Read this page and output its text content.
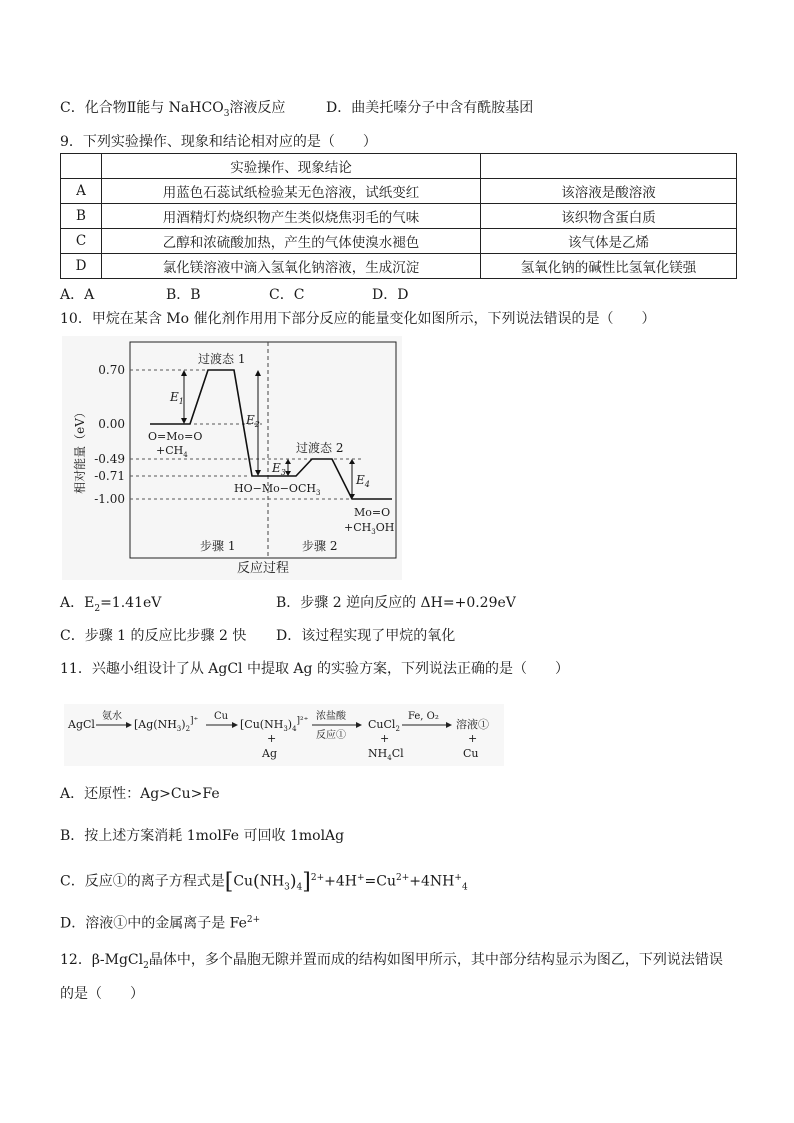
C．化合物Ⅱ能与 NaHCO$_3$溶液反应	D．曲美托嗪分子中含有酰胺基团
9．下列实验操作、现象和结论相对应的是（　　）
	实验操作、现象结论	
A	用蓝色石蕊试纸检验某无色溶液，试纸变红	该溶液是酸溶液
B	用酒精灯灼烧织物产生类似烧焦羽毛的气味	该织物含蛋白质
C	乙醇和浓硫酸加热，产生的气体使溴水褪色	该气体是乙烯
D	氯化镁溶液中滴入氢氧化钠溶液，生成沉淀	氢氧化钠的碱性比氢氧化镁强
A．A	B．B	C．C	D．D
10．甲烷在某含 Mo 催化剂作用用下部分反应的能量变化如图所示，下列说法错误的是（　　）
相对能量（eV）
0.70
0.00
-0.49
-0.71
-1.00
$E_1$
$E_2$
$E_3$
$E_4$
过渡态 1
过渡态 2
O=Mo=O
$+CH_4$
$HO-Mo-OCH_3$
Mo=O
$+CH_3OH$
步骤 1	步骤 2
反应过程
A．$E_2=1.41eV$	B．步骤 2 逆向反应的 ΔH=+0.29eV
C．步骤 1 的反应比步骤 2 快 D．该过程实现了甲烷的氧化
11．兴趣小组设计了从 AgCl 中提取 Ag 的实验方案，下列说法正确的是（　　）
AgCl
氨水
[$Ag(NH_3)_2^{]^+}$ Cu
[$Cu(NH_3)_4^{]^{2+}}$
+
Ag
浓盐酸
反应①
CuCl$_2$
+
$NH_4Cl$
Fe, O₂
溶液①
+
Cu
A．还原性：Ag>Cu>Fe
B．按上述方案消耗 1molFe 可回收 1molAg
C．反应①的离子方程式是$[Cu(NH_3)_4]^{2+}+4H^+=Cu^{2+}+4NH^+_4$
D．溶液①中的金属离子是 $Fe^{2+}$
12．β-MgCl$_2$晶体中，多个晶胞无隙并置而成的结构如图甲所示，其中部分结构显示为图乙，下列说法错误
的是（　　）
